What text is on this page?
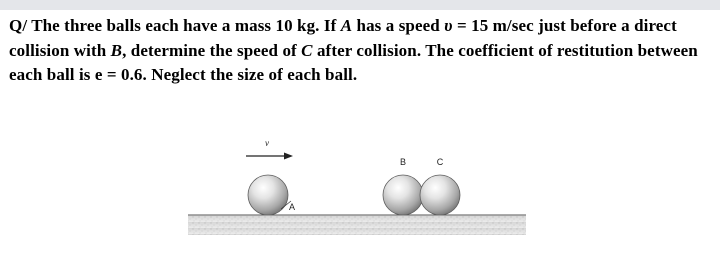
Q/ The three balls each have a mass 10 kg. If A has a speed υ = 15 m/sec just before a direct collision with B, determine the speed of C after collision. The coefficient of restitution between each ball is e = 0.6. Neglect the size of each ball.
v
A
B	C
